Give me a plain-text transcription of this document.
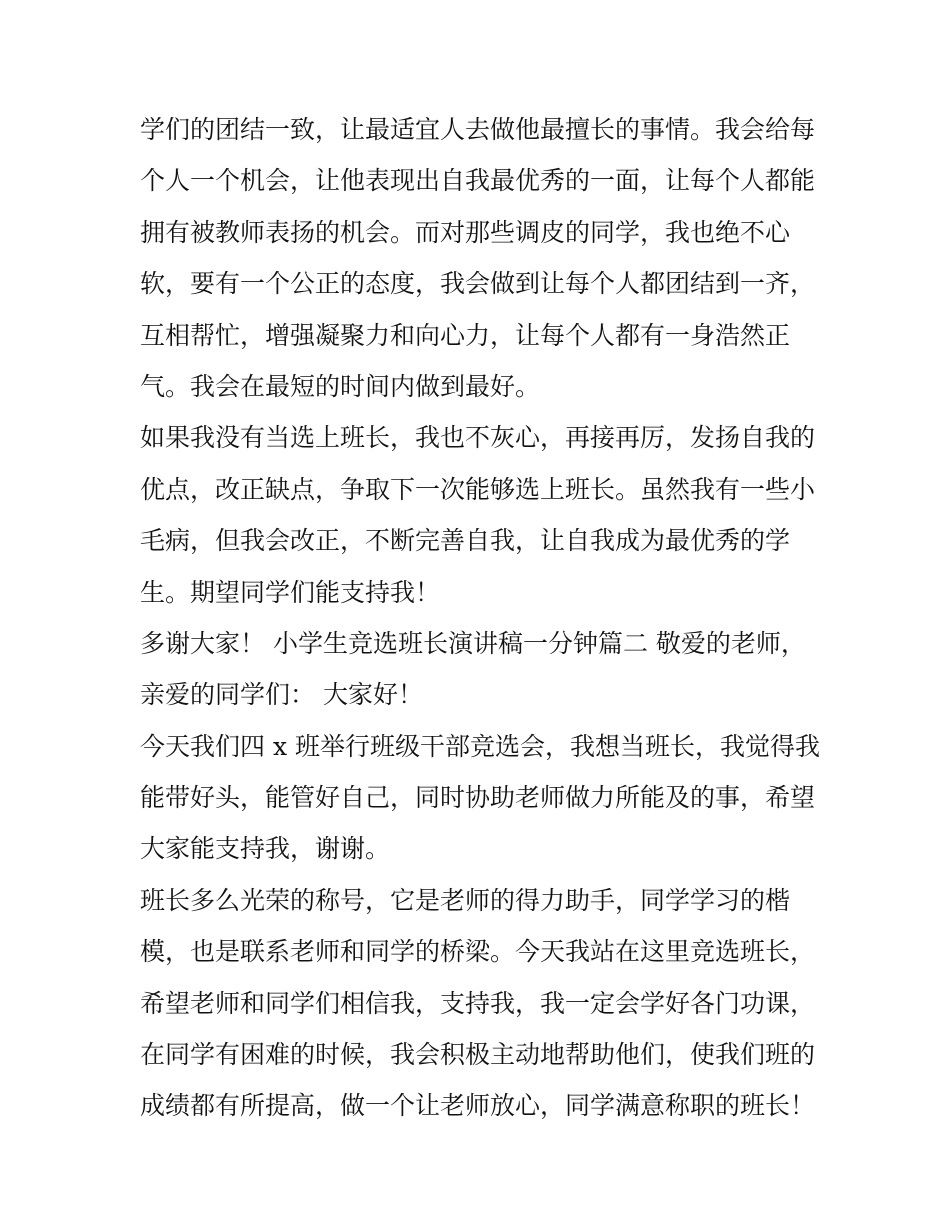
学们的团结一致，让最适宜人去做他最擅长的事情。我会给每
个人一个机会，让他表现出自我最优秀的一面，让每个人都能
拥有被教师表扬的机会。而对那些调皮的同学，我也绝不心
软，要有一个公正的态度，我会做到让每个人都团结到一齐，
互相帮忙，增强凝聚力和向心力，让每个人都有一身浩然正
气。我会在最短的时间内做到最好。
如果我没有当选上班长，我也不灰心，再接再厉，发扬自我的
优点，改正缺点，争取下一次能够选上班长。虽然我有一些小
毛病，但我会改正，不断完善自我，让自我成为最优秀的学
生。期望同学们能支持我！
多谢大家！ 小学生竞选班长演讲稿一分钟篇二 敬爱的老师，
亲爱的同学们： 大家好！
今天我们四 x 班举行班级干部竞选会，我想当班长，我觉得我
能带好头，能管好自己，同时协助老师做力所能及的事，希望
大家能支持我，谢谢。
班长多么光荣的称号，它是老师的得力助手，同学学习的楷
模，也是联系老师和同学的桥梁。今天我站在这里竞选班长，
希望老师和同学们相信我，支持我，我一定会学好各门功课，
在同学有困难的时候，我会积极主动地帮助他们，使我们班的
成绩都有所提高，做一个让老师放心，同学满意称职的班长！
